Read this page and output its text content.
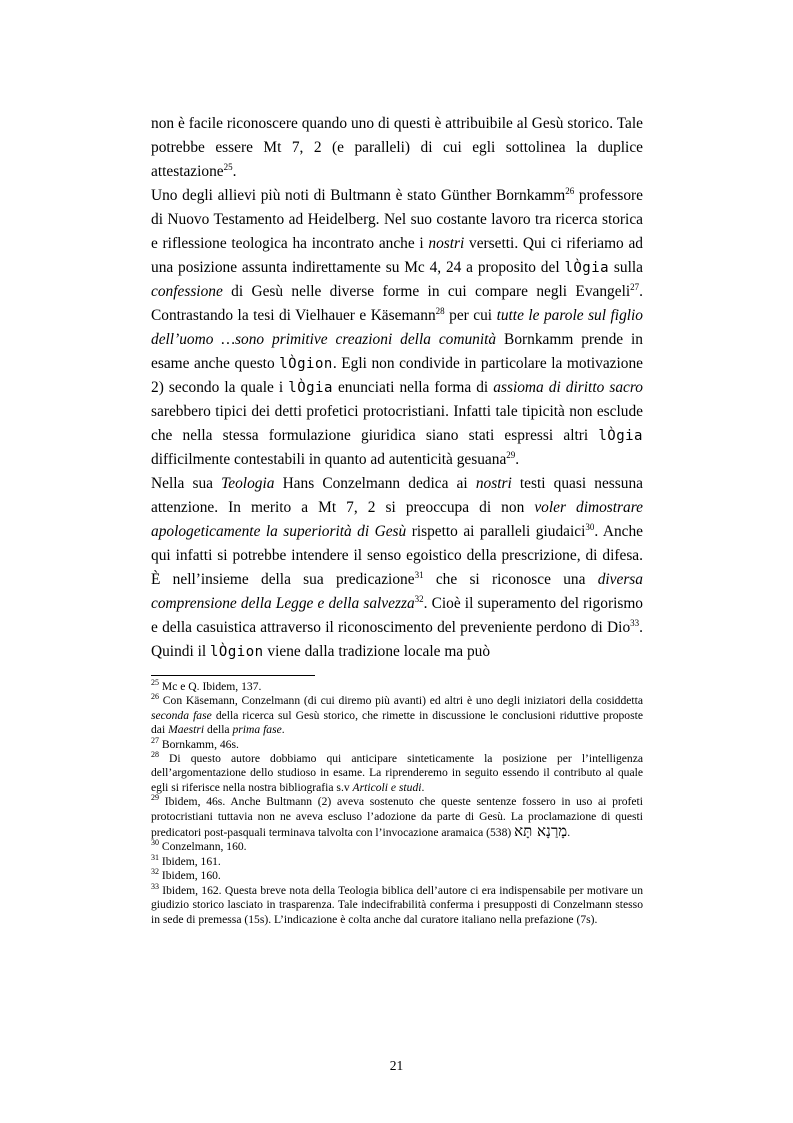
non è facile riconoscere quando uno di questi è attribuibile al Gesù storico. Tale potrebbe essere Mt 7, 2 (e paralleli) di cui egli sottolinea la duplice attestazione$^{25}$.

Uno degli allievi più noti di Bultmann è stato Günther Bornkamm$^{26}$ professore di Nuovo Testamento ad Heidelberg. Nel suo costante lavoro tra ricerca storica e riflessione teologica ha incontrato anche i nostri versetti. Qui ci riferiamo ad una posizione assunta indirettamente su Mc 4, 24 a proposito del lÒgia sulla confessione di Gesù nelle diverse forme in cui compare negli Evangeli$^{27}$. Contrastando la tesi di Vielhauer e Käsemann$^{28}$ per cui tutte le parole sul figlio dell’uomo …sono primitive creazioni della comunità Bornkamm prende in esame anche questo lÒgion. Egli non condivide in particolare la motivazione 2) secondo la quale i lÒgia enunciati nella forma di assioma di diritto sacro sarebbero tipici dei detti profetici protocristiani. Infatti tale tipicità non esclude che nella stessa formulazione giuridica siano stati espressi altri lÒgia difficilmente contestabili in quanto ad autenticità gesuana$^{29}$.

Nella sua Teologia Hans Conzelmann dedica ai nostri testi quasi nessuna attenzione. In merito a Mt 7, 2 si preoccupa di non voler dimostrare apologeticamente la superiorità di Gesù rispetto ai paralleli giudaici$^{30}$. Anche qui infatti si potrebbe intendere il senso egoistico della prescrizione, di difesa. È nell’insieme della sua predicazione$^{31}$ che si riconosce una diversa comprensione della Legge e della salvezza$^{32}$. Cioè il superamento del rigorismo e della casuistica attraverso il riconoscimento del preveniente perdono di Dio$^{33}$. Quindi il lÒgion viene dalla tradizione locale ma può

$^{25}$ Mc e Q. Ibidem, 137.

$^{26}$ Con Käsemann, Conzelmann (di cui diremo più avanti) ed altri è uno degli iniziatori della cosiddetta seconda fase della ricerca sul Gesù storico, che rimette in discussione le conclusioni riduttive proposte dai Maestri della prima fase.

$^{27}$ Bornkamm, 46s.

$^{28}$ Di questo autore dobbiamo qui anticipare sinteticamente la posizione per l’intelligenza dell’argomentazione dello studioso in esame. La riprenderemo in seguito essendo il contributo al quale egli si riferisce nella nostra bibliografia s.v Articoli e studi.

$^{29}$ Ibidem, 46s. Anche Bultmann (2) aveva sostenuto che queste sentenze fossero in uso ai profeti protocristiani tuttavia non ne aveva escluso l’adozione da parte di Gesù. La proclamazione di questi predicatori post-pasquali terminava talvolta con l’invocazione aramaica מָרַנָא תָּא (538).

$^{30}$ Conzelmann, 160.

$^{31}$ Ibidem, 161.

$^{32}$ Ibidem, 160.

$^{33}$ Ibidem, 162. Questa breve nota della Teologia biblica dell’autore ci era indispensabile per motivare un giudizio storico lasciato in trasparenza. Tale indecifrabilità conferma i presupposti di Conzelmann stesso in sede di premessa (15s). L’indicazione è colta anche dal curatore italiano nella prefazione (7s).

21
